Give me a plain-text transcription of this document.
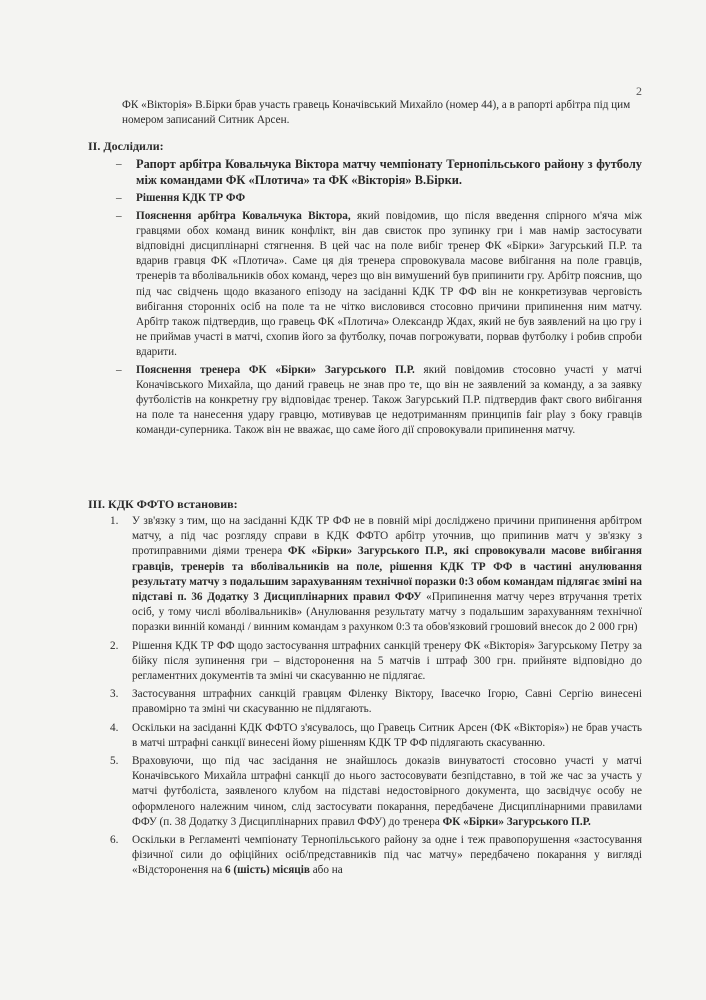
2
ФК «Вікторія» В.Бірки брав участь гравець Коначівський Михайло (номер 44), а в рапорті арбітра під цим номером записаний Ситник Арсен.
ІІ. Дослідили:
– Рапорт арбітра Ковальчука Віктора матчу чемпіонату Тернопільського району з футболу між командами ФК «Плотича» та ФК «Вікторія» В.Бірки.
– Рішення КДК ТР ФФ
– Пояснення арбітра Ковальчука Віктора, який повідомив, що після введення спірного м'яча між гравцями обох команд виник конфлікт, він дав свисток про зупинку гри і мав намір застосувати відповідні дисциплінарні стягнення. В цей час на поле вибіг тренер ФК «Бірки» Загурський П.Р. та вдарив гравця ФК «Плотича». Саме ця дія тренера спровокувала масове вибігання на поле гравців, тренерів та вболівальників обох команд, через що він вимушений був припинити гру. Арбітр пояснив, що під час свідчень щодо вказаного епізоду на засіданні КДК ТР ФФ він не конкретизував черговість вибігання сторонніх осіб на поле та не чітко висловився стосовно причини припинення ним матчу. Арбітр також підтвердив, що гравець ФК «Плотича» Олександр Ждах, який не був заявлений на цю гру і не приймав участі в матчі, схопив його за футболку, почав погрожувати, порвав футболку і робив спроби вдарити.
– Пояснення тренера ФК «Бірки» Загурського П.Р. який повідомив стосовно участі у матчі Коначівського Михайла, що даний гравець не знав про те, що він не заявлений за команду, а за заявку футболістів на конкретну гру відповідає тренер. Також Загурський П.Р. підтвердив факт свого вибігання на поле та нанесення удару гравцю, мотивував це недотриманням принципів fair play з боку гравців команди-суперника. Також він не вважає, що саме його дії спровокували припинення матчу.
ІІІ. КДК ФФТО встановив:
1. У зв'язку з тим, що на засіданні КДК ТР ФФ не в повній мірі досліджено причини припинення арбітром матчу, а під час розгляду справи в КДК ФФТО арбітр уточнив, що припинив матч у зв'язку з протиправними діями тренера ФК «Бірки» Загурського П.Р., які спровокували масове вибігання гравців, тренерів та вболівальників на поле, рішення КДК ТР ФФ в частині анулювання результату матчу з подальшим зарахуванням технічної поразки 0:3 обом командам підлягає зміні на підставі п. 36 Додатку 3 Дисциплінарних правил ФФУ «Припинення матчу через втручання третіх осіб, у тому числі вболівальників» (Анулювання результату матчу з подальшим зарахуванням технічної поразки винній команді / винним командам з рахунком 0:3 та обов'язковий грошовий внесок до 2 000 грн)
2. Рішення КДК ТР ФФ щодо застосування штрафних санкцій тренеру ФК «Вікторія» Загурському Петру за бійку після зупинення гри – відсторонення на 5 матчів і штраф 300 грн. прийняте відповідно до регламентних документів та зміні чи скасуванню не підлягає.
3. Застосування штрафних санкцій гравцям Філенку Віктору, Івасечко Ігорю, Савні Сергію винесені правомірно та зміні чи скасуванню не підлягають.
4. Оскільки на засіданні КДК ФФТО з'ясувалось, що Гравець Ситник Арсен (ФК «Вікторія») не брав участь в матчі штрафні санкції винесені йому рішенням КДК ТР ФФ підлягають скасуванню.
5. Враховуючи, що під час засідання не знайшлось доказів винуватості стосовно участі у матчі Коначівського Михайла штрафні санкції до нього застосовувати безпідставно, в той же час за участь у матчі футболіста, заявленого клубом на підставі недостовірного документа, що засвідчує особу не оформленого належним чином, слід застосувати покарання, передбачене Дисциплінарними правилами ФФУ (п. 38 Додатку 3 Дисциплінарних правил ФФУ) до тренера ФК «Бірки» Загурського П.Р.
6. Оскільки в Регламенті чемпіонату Тернопільського району за одне і теж правопорушення «застосування фізичної сили до офіційних осіб/представників під час матчу» передбачено покарання у вигляді «Відсторонення на 6 (шість) місяців або на
